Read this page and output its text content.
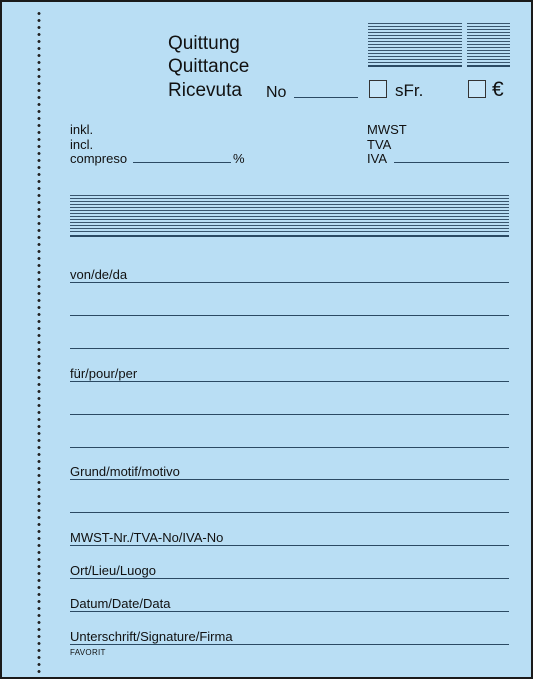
Quittung
Quittance
Ricevuta No	sFr.	€
inkl.
incl.
compreso	%
MWST
TVA
IVA
von/de/da
für/pour/per
Grund/motif/motivo
MWST-Nr./TVA-No/IVA-No
Ort/Lieu/Luogo
Datum/Date/Data
Unterschrift/Signature/Firma
FAVORIT
